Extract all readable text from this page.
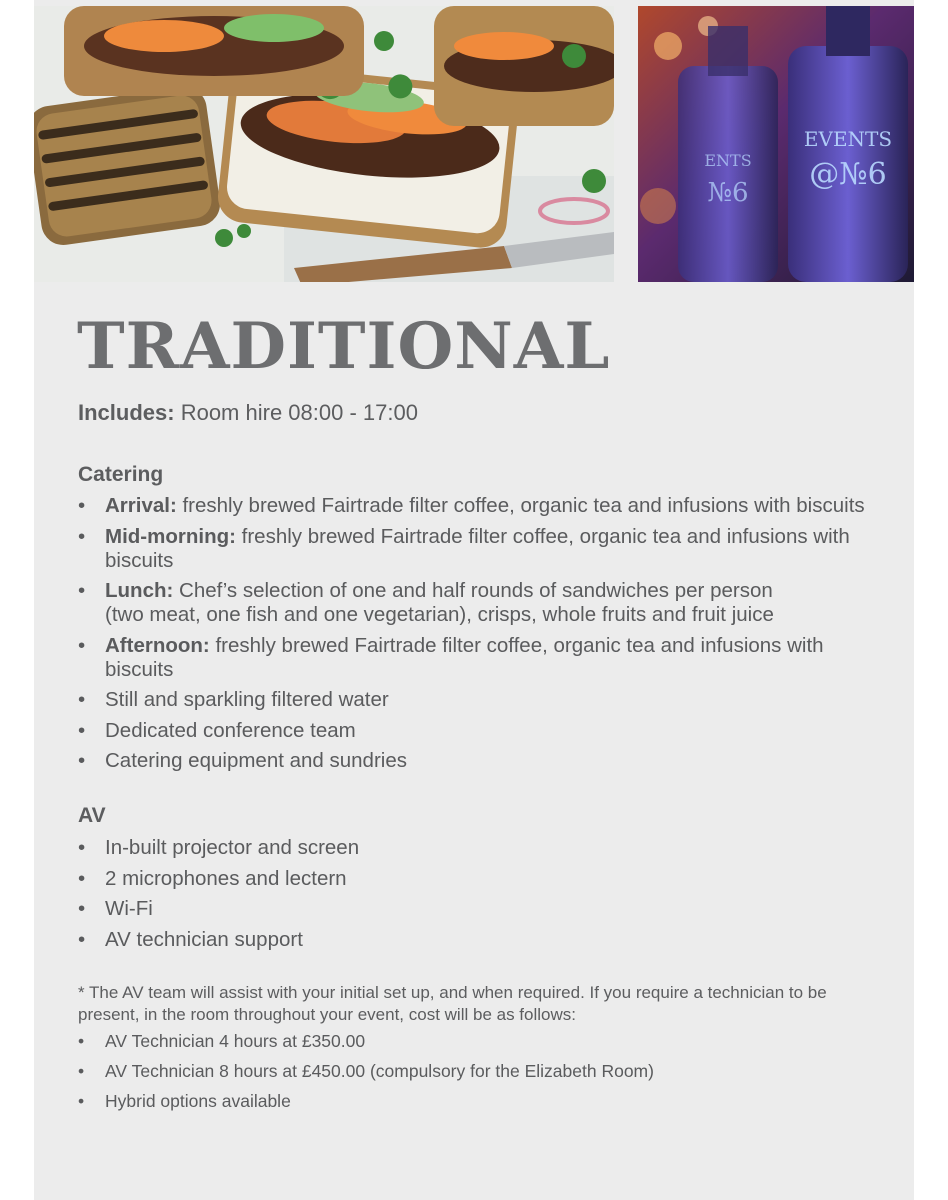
EVENTS
@№6
ENTS
№6
TRADITIONAL
Includes: Room hire 08:00 - 17:00
Catering
• Arrival: freshly brewed Fairtrade filter coffee, organic tea and infusions with biscuits
• Mid-morning: freshly brewed Fairtrade filter coffee, organic tea and infusions with biscuits
• Lunch: Chef’s selection of one and half rounds of sandwiches per person (two meat, one fish and one vegetarian), crisps, whole fruits and fruit juice
• Afternoon: freshly brewed Fairtrade filter coffee, organic tea and infusions with biscuits
• Still and sparkling filtered water
• Dedicated conference team
• Catering equipment and sundries
AV
• In-built projector and screen
• 2 microphones and lectern
• Wi-Fi
• AV technician support

* The AV team will assist with your initial set up, and when required. If you require a technician to be present, in the room throughout your event, cost will be as follows:

• AV Technician 4 hours at £350.00
• AV Technician 8 hours at £450.00 (compulsory for the Elizabeth Room)
• Hybrid options available
